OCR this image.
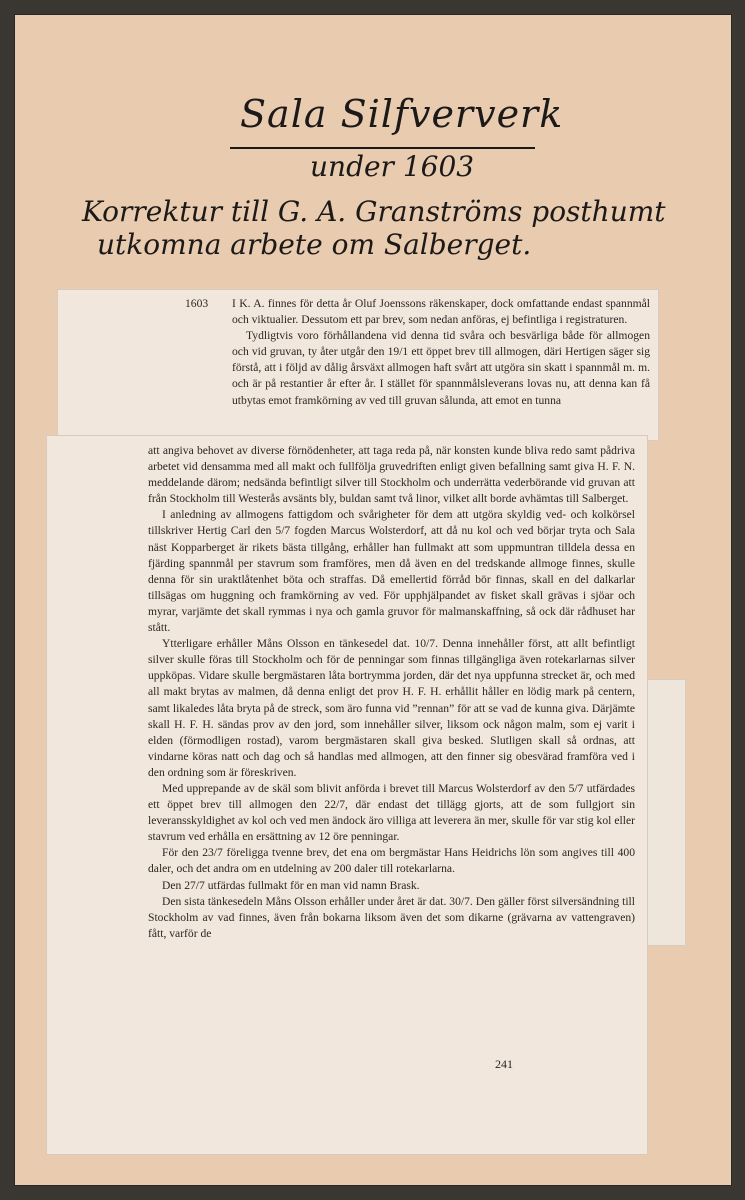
Sala Silfververk
under 1603
Korrektur till G. A. Granströms posthumt
utkomna arbete om Salberget.
1603 I K. A. finnes för detta år Oluf Joenssons räkenskaper, dock omfattande endast spannmål och viktualier. Dessutom ett par brev, som nedan anföras, ej befintliga i registraturen.

Tydligtvis voro förhållandena vid denna tid svåra och besvärliga både för allmogen och vid gruvan, ty åter utgår den 19/1 ett öppet brev till allmogen, däri Hertigen säger sig förstå, att i följd av dålig årsväxt allmogen haft svårt att utgöra sin skatt i spannmål m. m. och är på restantier år efter år. I stället för spannmålsleverans lovas nu, att denna kan få utbytas emot framkörning av ved till gruvan sålunda, att emot en tunna

att angiva behovet av diverse förnödenheter, att taga reda på, när konsten kunde bliva redo samt pådriva arbetet vid densamma med all makt och fullfölja gruvedriften enligt given befallning samt giva H. F. N. meddelande därom; nedsända befintligt silver till Stockholm och underrätta vederbörande vid gruvan att från Stockholm till Westerås avsänts bly, buldan samt två linor, vilket allt borde avhämtas till Salberget.

I anledning av allmogens fattigdom och svårigheter för dem att utgöra skyldig ved- och kolkörsel tillskriver Hertig Carl den 5/7 fogden Marcus Wolsterdorf, att då nu kol och ved börjar tryta och Sala näst Kopparberget är rikets bästa tillgång, erhåller han fullmakt att som uppmuntran tilldela dessa en fjärding spannmål per stavrum som framföres, men då även en del tredskande allmoge finnes, skulle denna för sin uraktlåtenhet böta och straffas. Då emellertid förråd bör finnas, skall en del dalkarlar tillsägas om huggning och framkörning av ved. För upphjälpandet av fisket skall grävas i sjöar och myrar, varjämte det skall rymmas i nya och gamla gruvor för malmanskaffning, så ock där rådhuset har stått.

Ytterligare erhåller Måns Olsson en tänkesedel dat. 10/7. Denna innehåller först, att allt befintligt silver skulle föras till Stockholm och för de penningar som finnas tillgängliga även rotekarlarnas silver uppköpas. Vidare skulle bergmästaren låta bortrymma jorden, där det nya uppfunna strecket är, och med all makt brytas av malmen, då denna enligt det prov H. F. H. erhållit håller en lödig mark på centern, samt likaledes låta bryta på de streck, som äro funna vid ”rennan” för att se vad de kunna giva. Därjämte skall H. F. H. sändas prov av den jord, som innehåller silver, liksom ock någon malm, som ej varit i elden (förmodligen rostad), varom bergmästaren skall giva besked. Slutligen skall så ordnas, att vindarne köras natt och dag och så handlas med allmogen, att den finner sig obesvärad framföra ved i den ordning som är föreskriven.

Med upprepande av de skäl som blivit anförda i brevet till Marcus Wolsterdorf av den 5/7 utfärdades ett öppet brev till allmogen den 22/7, där endast det tillägg gjorts, att de som fullgjort sin leveransskyldighet av kol och ved men ändock äro villiga att leverera än mer, skulle för var stig kol eller stavrum ved erhålla en ersättning av 12 öre penningar.

För den 23/7 föreligga tvenne brev, det ena om bergmästar Hans Heidrichs lön som angives till 400 daler, och det andra om en utdelning av 200 daler till rotekarlarna.

Den 27/7 utfärdas fullmakt för en man vid namn Brask.

Den sista tänkesedeln Måns Olsson erhåller under året är dat. 30/7. Den gäller först silversändning till Stockholm av vad finnes, även från bokarna liksom även det som dikarne (grävarna av vattengraven) fått, varför de

241
